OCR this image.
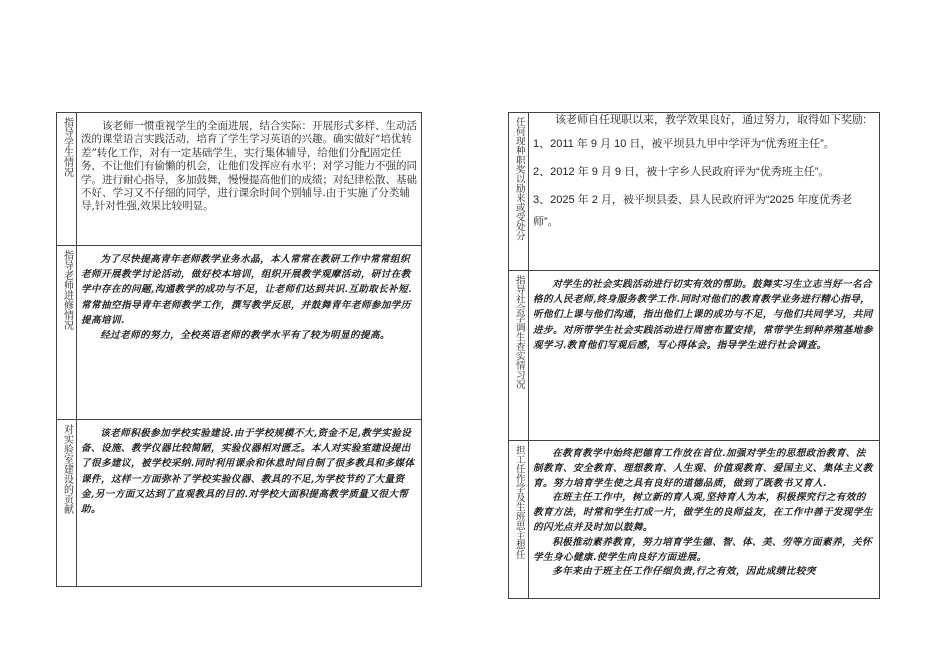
指导学生情况	该老师一惯重视学生的全面进展，结合实际：开展形式多样、生动活泼的课堂语言实践活动，培育了学生学习英语的兴趣。确实做好“培优转差”转化工作，对有一定基础学生，实行集体辅导，给他们分配固定任务，不让他们有偷懒的机会，让他们发挥应有水平；对学习能力不强的同学。进行耐心指导，多加鼓舞，慢慢提高他们的成绩；对纪律松散、基础不好、学习又不仔细的同学，进行课余时间个别辅导.由于实施了分类辅导,针对性强,效果比较明显。

指导老师进修情况	为了尽快提高青年老师教学业务水晶，本人常常在教研工作中常常组织老师开展教学讨论活动，做好校本培训，组织开展教学观摩活动，研讨在教学中存在的问题,沟通教学的成功与不足，让老师们达到共识.互助取长补短.常常抽空指导青年老师教学工作，撰写教学反思，并鼓舞青年老师参加学历提高培训.

经过老师的努力，全校英语老师的教学水平有了较为明显的提高。

对实验室建设的贡献	该老师积极参加学校实验建设.由于学校规模不大,资金不足,教学实验设备、设施、教学仪器比较简陋，实验仪器相对匮乏。本人对实验室建设提出了很多建议，被学校采纳.同时利用课余和休息时间自制了很多教具和多媒体课件，这样一方面弥补了学校实验仪器、教具的不足,为学校节约了大量资金,另一方面又达到了直观教具的目的.对学校大面积提高教学质量又很大帮助。

任何现种职奖以励来或受处分	该老师自任现职以来，教学效果良好，通过努力，取得如下奖励:

1、2011 年 9 月 10 日，被平坝县九甲中学评为“优秀班主任”。

2、2012 年 9 月 9 日，被十字乡人民政府评为“优秀班主任”。

3、2025 年 2 月，被平坝县委、县人民政府评为“2025 年度优秀老师”。

指导社会学调生查实情习况	对学生的社会实践活动进行切实有效的帮助。鼓舞实习生立志当好一名合格的人民老师,终身服务教学工作.同时对他们的教育教学业务进行精心指导，听他们上课与他们沟通，指出他们上课的成功与不足，与他们共同学习，共同进步。对所带学生社会实践活动进行周密布置安排，常带学生到种养殖基地参观学习.教育他们写观后感，写心得体会。指导学生进行社会调查。

担工任作学及生班思主想任	在教育教学中始终把德育工作放在首位.加强对学生的思想政治教育、法制教育、安全教育、理想教育、人生观、价值观教育、爱国主义、集体主义教育。努力培育学生使之具有良好的道德品质，做到了既教书又育人.

在班主任工作中，树立新的育人观,坚持育人为本，积极探究行之有效的教育方法，时常和学生打成一片，做学生的良师益友，在工作中善于发现学生的闪光点并及时加以鼓舞。

积极推动素养教育，努力培育学生德、智、体、美、劳等方面素养，关怀学生身心健康.使学生向良好方面进展。

多年来由于班主任工作仔细负责,行之有效，因此成绩比较突
